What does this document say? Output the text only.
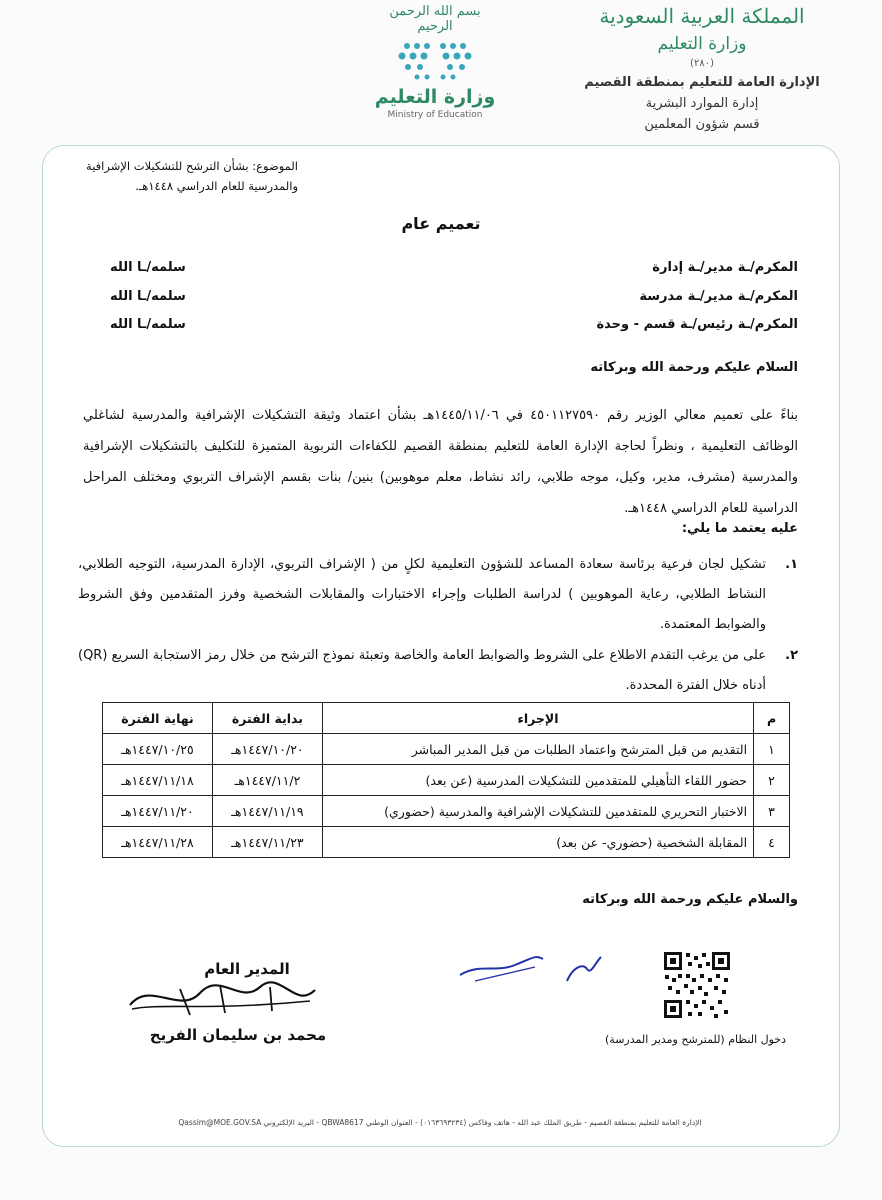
المملكة العربية السعودية
وزارة التعليم
(٢٨٠)
الإدارة العامة للتعليم بمنطقة القصيم
إدارة الموارد البشرية
قسم شؤون المعلمين
بسم الله الرحمن الرحيم
وزارة التعليم
Ministry of Education
الموضوع: بشأن الترشح للتشكيلات الإشرافية
والمدرسية للعام الدراسي ١٤٤٨هـ.
تعميم عام
المكرم/ـة مدير/ـة إدارة
سلمه/ـا الله
المكرم/ـة مدير/ـة مدرسة
سلمه/ـا الله
المكرم/ـة رئيس/ـة قسم - وحدة
سلمه/ـا الله
السلام عليكم ورحمة الله وبركاته
بناءً على تعميم معالي الوزير رقم ٤٥٠١١٢٧٥٩٠ في ١٤٤٥/١١/٠٦هـ بشأن اعتماد وثيقة التشكيلات الإشرافية والمدرسية لشاغلي الوظائف التعليمية ، ونظراً لحاجة الإدارة العامة للتعليم بمنطقة القصيم للكفاءات التربوية المتميزة للتكليف بالتشكيلات الإشرافية والمدرسية (مشرف، مدير، وكيل، موجه طلابي، رائد نشاط، معلم موهوبين) بنين/ بنات بقسم الإشراف التربوي ومختلف المراحل الدراسية للعام الدراسي ١٤٤٨هـ.
عليه يعتمد ما يلي:
١.
تشكيل لجان فرعية برئاسة سعادة المساعد للشؤون التعليمية لكلٍ من ( الإشراف التربوي، الإدارة المدرسية، التوجيه الطلابي، النشاط الطلابي، رعاية الموهوبين ) لدراسة الطلبات وإجراء الاختبارات والمقابلات الشخصية وفرز المتقدمين وفق الشروط والضوابط المعتمدة.
٢.
على من يرغب التقدم الاطلاع على الشروط والضوابط العامة والخاصة وتعبئة نموذج الترشح من خلال رمز الاستجابة السريع (QR) أدناه خلال الفترة المحددة.
م	الإجراء	بداية الفترة	نهاية الفترة
١	التقديم من قبل المترشح واعتماد الطلبات من قبل المدير المباشر	١٤٤٧/١٠/٢٠هـ	١٤٤٧/١٠/٢٥هـ
٢	حضور اللقاء التأهيلي للمتقدمين للتشكيلات المدرسية (عن بعد)	١٤٤٧/١١/٢هـ	١٤٤٧/١١/١٨هـ
٣	الاختبار التحريري للمتقدمين للتشكيلات الإشرافية والمدرسية (حضوري)	١٤٤٧/١١/١٩هـ	١٤٤٧/١١/٢٠هـ
٤	المقابلة الشخصية (حضوري- عن بعد)	١٤٤٧/١١/٢٣هـ	١٤٤٧/١١/٢٨هـ
والسلام عليكم ورحمة الله وبركاته
المدير العام
محمد بن سليمان الفريح	دخول النظام (للمترشح ومدير المدرسة)
الإدارة العامة للتعليم بمنطقة القصيم - طريق الملك عبد الله - هاتف وفاكس (٠١٦٣٦٩٣٢٣٤) - العنوان الوطني QBWA8617 - البريد الإلكتروني Qassim@MOE.GOV.SA
